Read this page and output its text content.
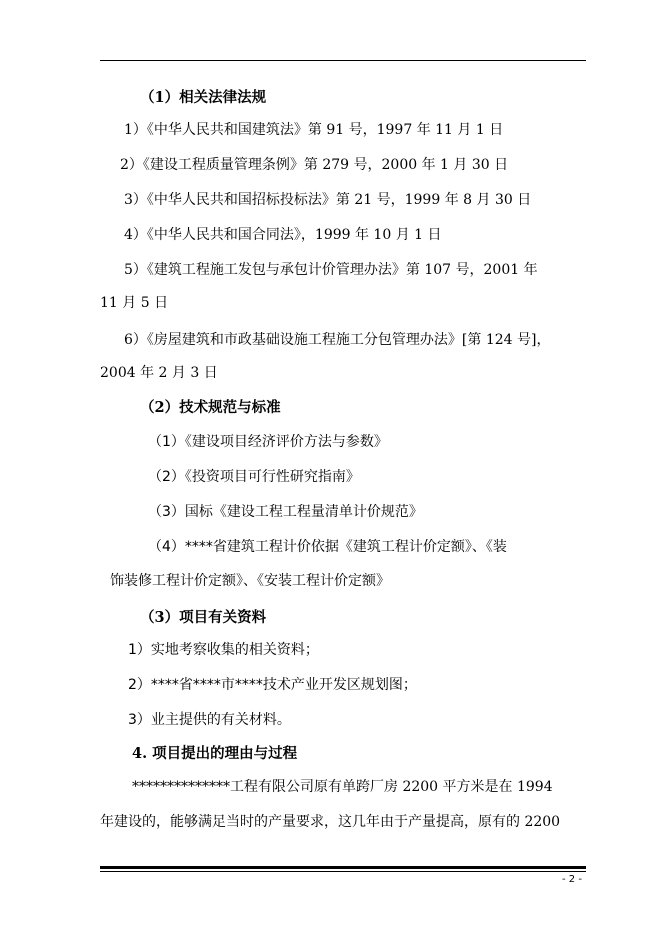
（1）相关法律法规
1）《中华人民共和国建筑法》第 91 号，1997 年 11 月 1 日
2）《建设工程质量管理条例》第 279 号，2000 年 1 月 30 日
3）《中华人民共和国招标投标法》第 21 号，1999 年 8 月 30 日
4）《中华人民共和国合同法》，1999 年 10 月 1 日
5）《建筑工程施工发包与承包计价管理办法》第 107 号，2001 年
11 月 5 日
6）《房屋建筑和市政基础设施工程施工分包管理办法》[第 124 号]，
2004 年 2 月 3 日
（2）技术规范与标准
（1）《建设项目经济评价方法与参数》
（2）《投资项目可行性研究指南》
（3）国标《建设工程工程量清单计价规范》
（4）****省建筑工程计价依据《建筑工程计价定额》、《装
饰装修工程计价定额》、《安装工程计价定额》
（3）项目有关资料
1）实地考察收集的相关资料；
2）****省****市****技术产业开发区规划图；
3）业主提供的有关材料。
4. 项目提出的理由与过程
**************工程有限公司原有单跨厂房 2200 平方米是在 1994
年建设的，能够满足当时的产量要求，这几年由于产量提高，原有的 2200
- 2 -
